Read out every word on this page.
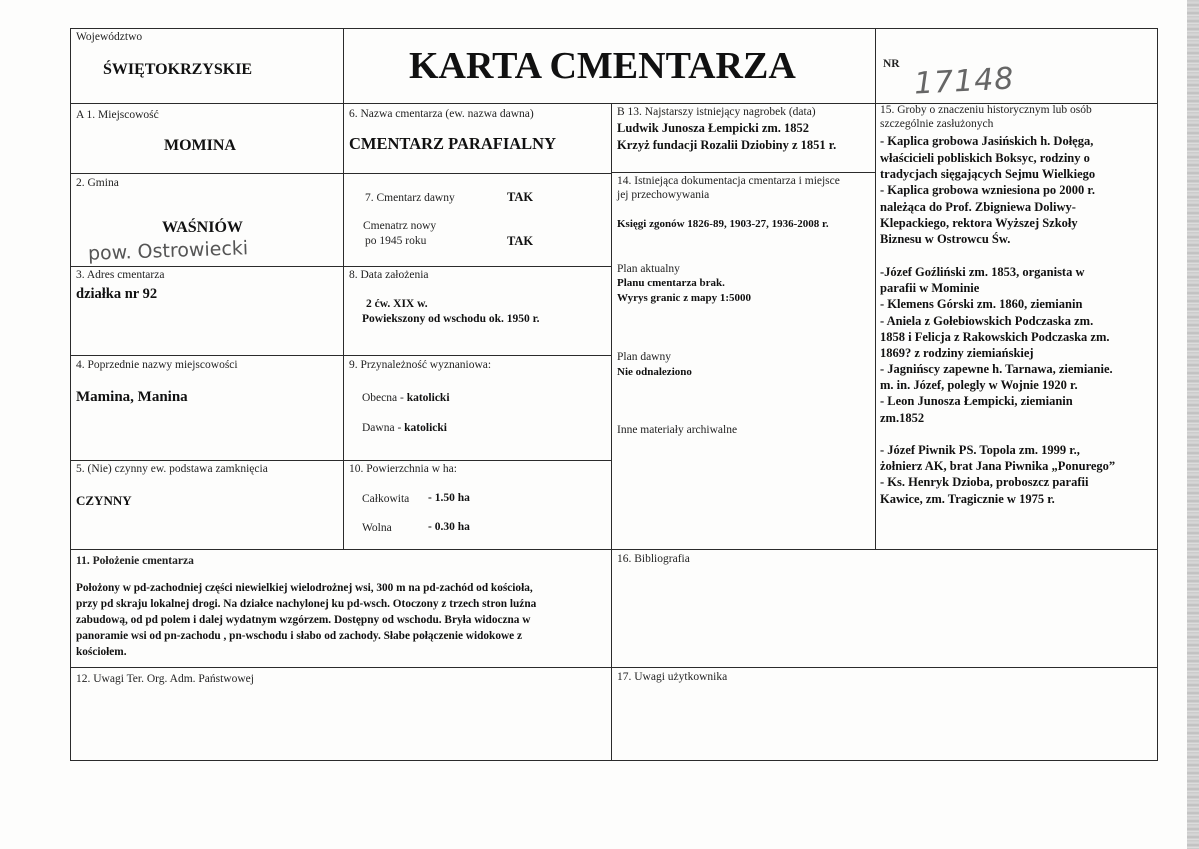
Województwo
ŚWIĘTOKRZYSKIE	KARTA CMENTARZA	NR 17148
A 1. Miejscowość
MOMINA
2. Gmina
WAŚNIÓW
pow. Ostrowiecki
3. Adres cmentarza
działka nr 92
4. Poprzednie nazwy miejscowości
Mamina, Manina
5. (Nie) czynny ew. podstawa zamknięcia
CZYNNY
6. Nazwa cmentarza (ew. nazwa dawna)
CMENTARZ PARAFIALNY
7. Cmentarz dawny	TAK
Cmenatrz nowy
po 1945 roku	TAK
8. Data założenia
2 ćw. XIX w.
Powiekszony od wschodu ok. 1950 r.
9. Przynależność wyznaniowa:
Obecna - katolicki
Dawna - katolicki
10. Powierzchnia w ha:
Całkowita - 1.50 ha
Wolna	- 0.30 ha
B 13. Najstarszy istniejący nagrobek (data)
Ludwik Junosza Łempicki zm. 1852
Krzyż fundacji Rozalii Dziobiny z 1851 r.
14. Istniejąca dokumentacja cmentarza i miejsce
jej przechowywania
Księgi zgonów 1826-89, 1903-27, 1936-2008 r.
Plan aktualny
Planu cmentarza brak.
Wyrys granic z mapy 1:5000
Plan dawny
Nie odnaleziono
Inne materiały archiwalne
15. Groby o znaczeniu historycznym lub osób
szczególnie zasłużonych
- Kaplica grobowa Jasińskich h. Dołęga,
właścicieli pobliskich Boksyc, rodziny o
tradycjach sięgających Sejmu Wielkiego
- Kaplica grobowa wzniesiona po 2000 r.
należąca do Prof. Zbigniewa Doliwy-
Klepackiego, rektora Wyższej Szkoły
Biznesu w Ostrowcu Św.
-Józef Goźliński zm. 1853, organista w
parafii w Mominie
- Klemens Górski zm. 1860, ziemianin
- Aniela z Gołebiowskich Podczaska zm.
1858 i Felicja z Rakowskich Podczaska zm.
1869? z rodziny ziemiańskiej
- Jagnińscy zapewne h. Tarnawa, ziemianie.
m. in. Józef, polegly w Wojnie 1920 r.
- Leon Junosza Łempicki, ziemianin
zm.1852
- Józef Piwnik PS. Topola zm. 1999 r.,
żołnierz AK, brat Jana Piwnika „Ponurego”
- Ks. Henryk Dzioba, proboszcz parafii
Kawice, zm. Tragicznie w 1975 r.
11. Położenie cmentarza
Położony w pd-zachodniej części niewielkiej wielodrożnej wsi, 300 m na pd-zachód od kościoła,
przy pd skraju lokalnej drogi. Na działce nachylonej ku pd-wsch. Otoczony z trzech stron luźna
zabudową, od pd polem i dalej wydatnym wzgórzem. Dostępny od wschodu. Bryła widoczna w
panoramie wsi od pn-zachodu , pn-wschodu i słabo od zachody. Słabe połączenie widokowe z
kościołem.
16. Bibliografia
12. Uwagi Ter. Org. Adm. Państwowej	17. Uwagi użytkownika
